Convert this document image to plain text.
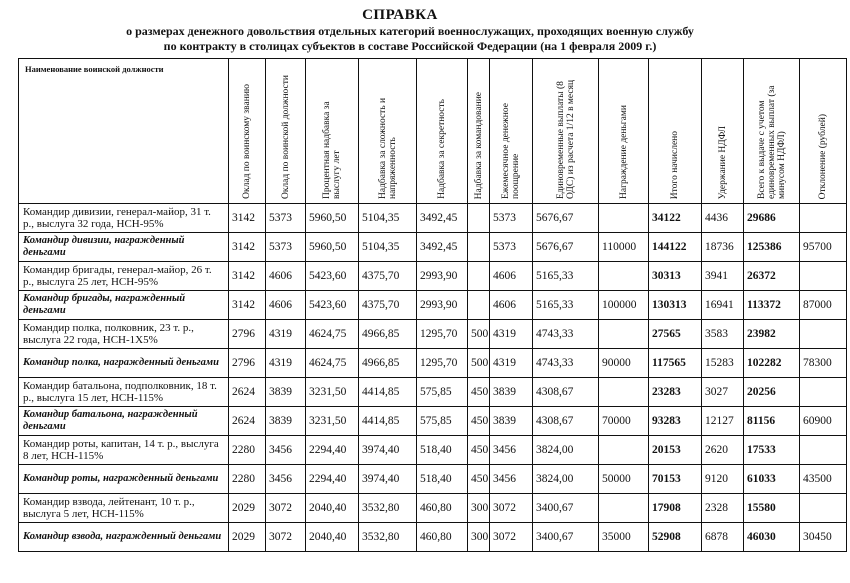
СПРАВКА
о размерах денежного довольствия отдельных категорий военнослужащих, проходящих военную службу
по контракту в столицах субъектов в составе Российской Федерации (на 1 февраля 2009 г.)
Наименование воинской должности	Оклад по воинскому званию	Оклад по воинской должности	Процентная надбавка за выслугу лет	Надбавка за сложность и напряженность	Надбавка за секретность	Надбавка за командование	Ежемесячное денежное поощрение	Единовременные выплаты (8 ОДС) из расчета 1/12 в месяц	Награждение деньгами	Итого начислено	Удержание НДФЛ	Всего к выдаче с учетом единовременных выплат (за минусом НДФЛ)	Отклонение (рублей)

Командир дивизии, генерал-майор, 31 т. р., выслуга 32 года, НСН-95%	3142	5373	5960,50	5104,35	3492,45		5373	5676,67		34122	4436	29686	
Командир дивизии, награжденный деньгами	3142	5373	5960,50	5104,35	3492,45		5373	5676,67	110000	144122	18736	125386	95700
Командир бригады, генерал-майор, 26 т. р., выслуга 25 лет, НСН-95%	3142	4606	5423,60	4375,70	2993,90		4606	5165,33		30313	3941	26372	
Командир бригады, награжденный деньгами	3142	4606	5423,60	4375,70	2993,90		4606	5165,33	100000	130313	16941	113372	87000
Командир полка, полковник, 23 т. р., выслуга 22 года, НСН-1Х5%	2796	4319	4624,75	4966,85	1295,70	500	4319	4743,33		27565	3583	23982	
Командир полка, награжденный деньгами	2796	4319	4624,75	4966,85	1295,70	500	4319	4743,33	90000	117565	15283	102282	78300
Командир батальона, подполковник, 18 т. р., выслуга 15 лет, НСН-115%	2624	3839	3231,50	4414,85	575,85	450	3839	4308,67		23283	3027	20256	
Командир батальона, награжденный деньгами	2624	3839	3231,50	4414,85	575,85	450	3839	4308,67	70000	93283	12127	81156	60900
Командир роты, капитан, 14 т. р., выслуга 8 лет, НСН-115%	2280	3456	2294,40	3974,40	518,40	450	3456	3824,00		20153	2620	17533	
Командир роты, награжденный деньгами	2280	3456	2294,40	3974,40	518,40	450	3456	3824,00	50000	70153	9120	61033	43500
Командир взвода, лейтенант, 10 т. р., выслуга 5 лет, НСН-115%	2029	3072	2040,40	3532,80	460,80	300	3072	3400,67		17908	2328	15580	
Командир взвода, награжденный деньгами	2029	3072	2040,40	3532,80	460,80	300	3072	3400,67	35000	52908	6878	46030	30450
